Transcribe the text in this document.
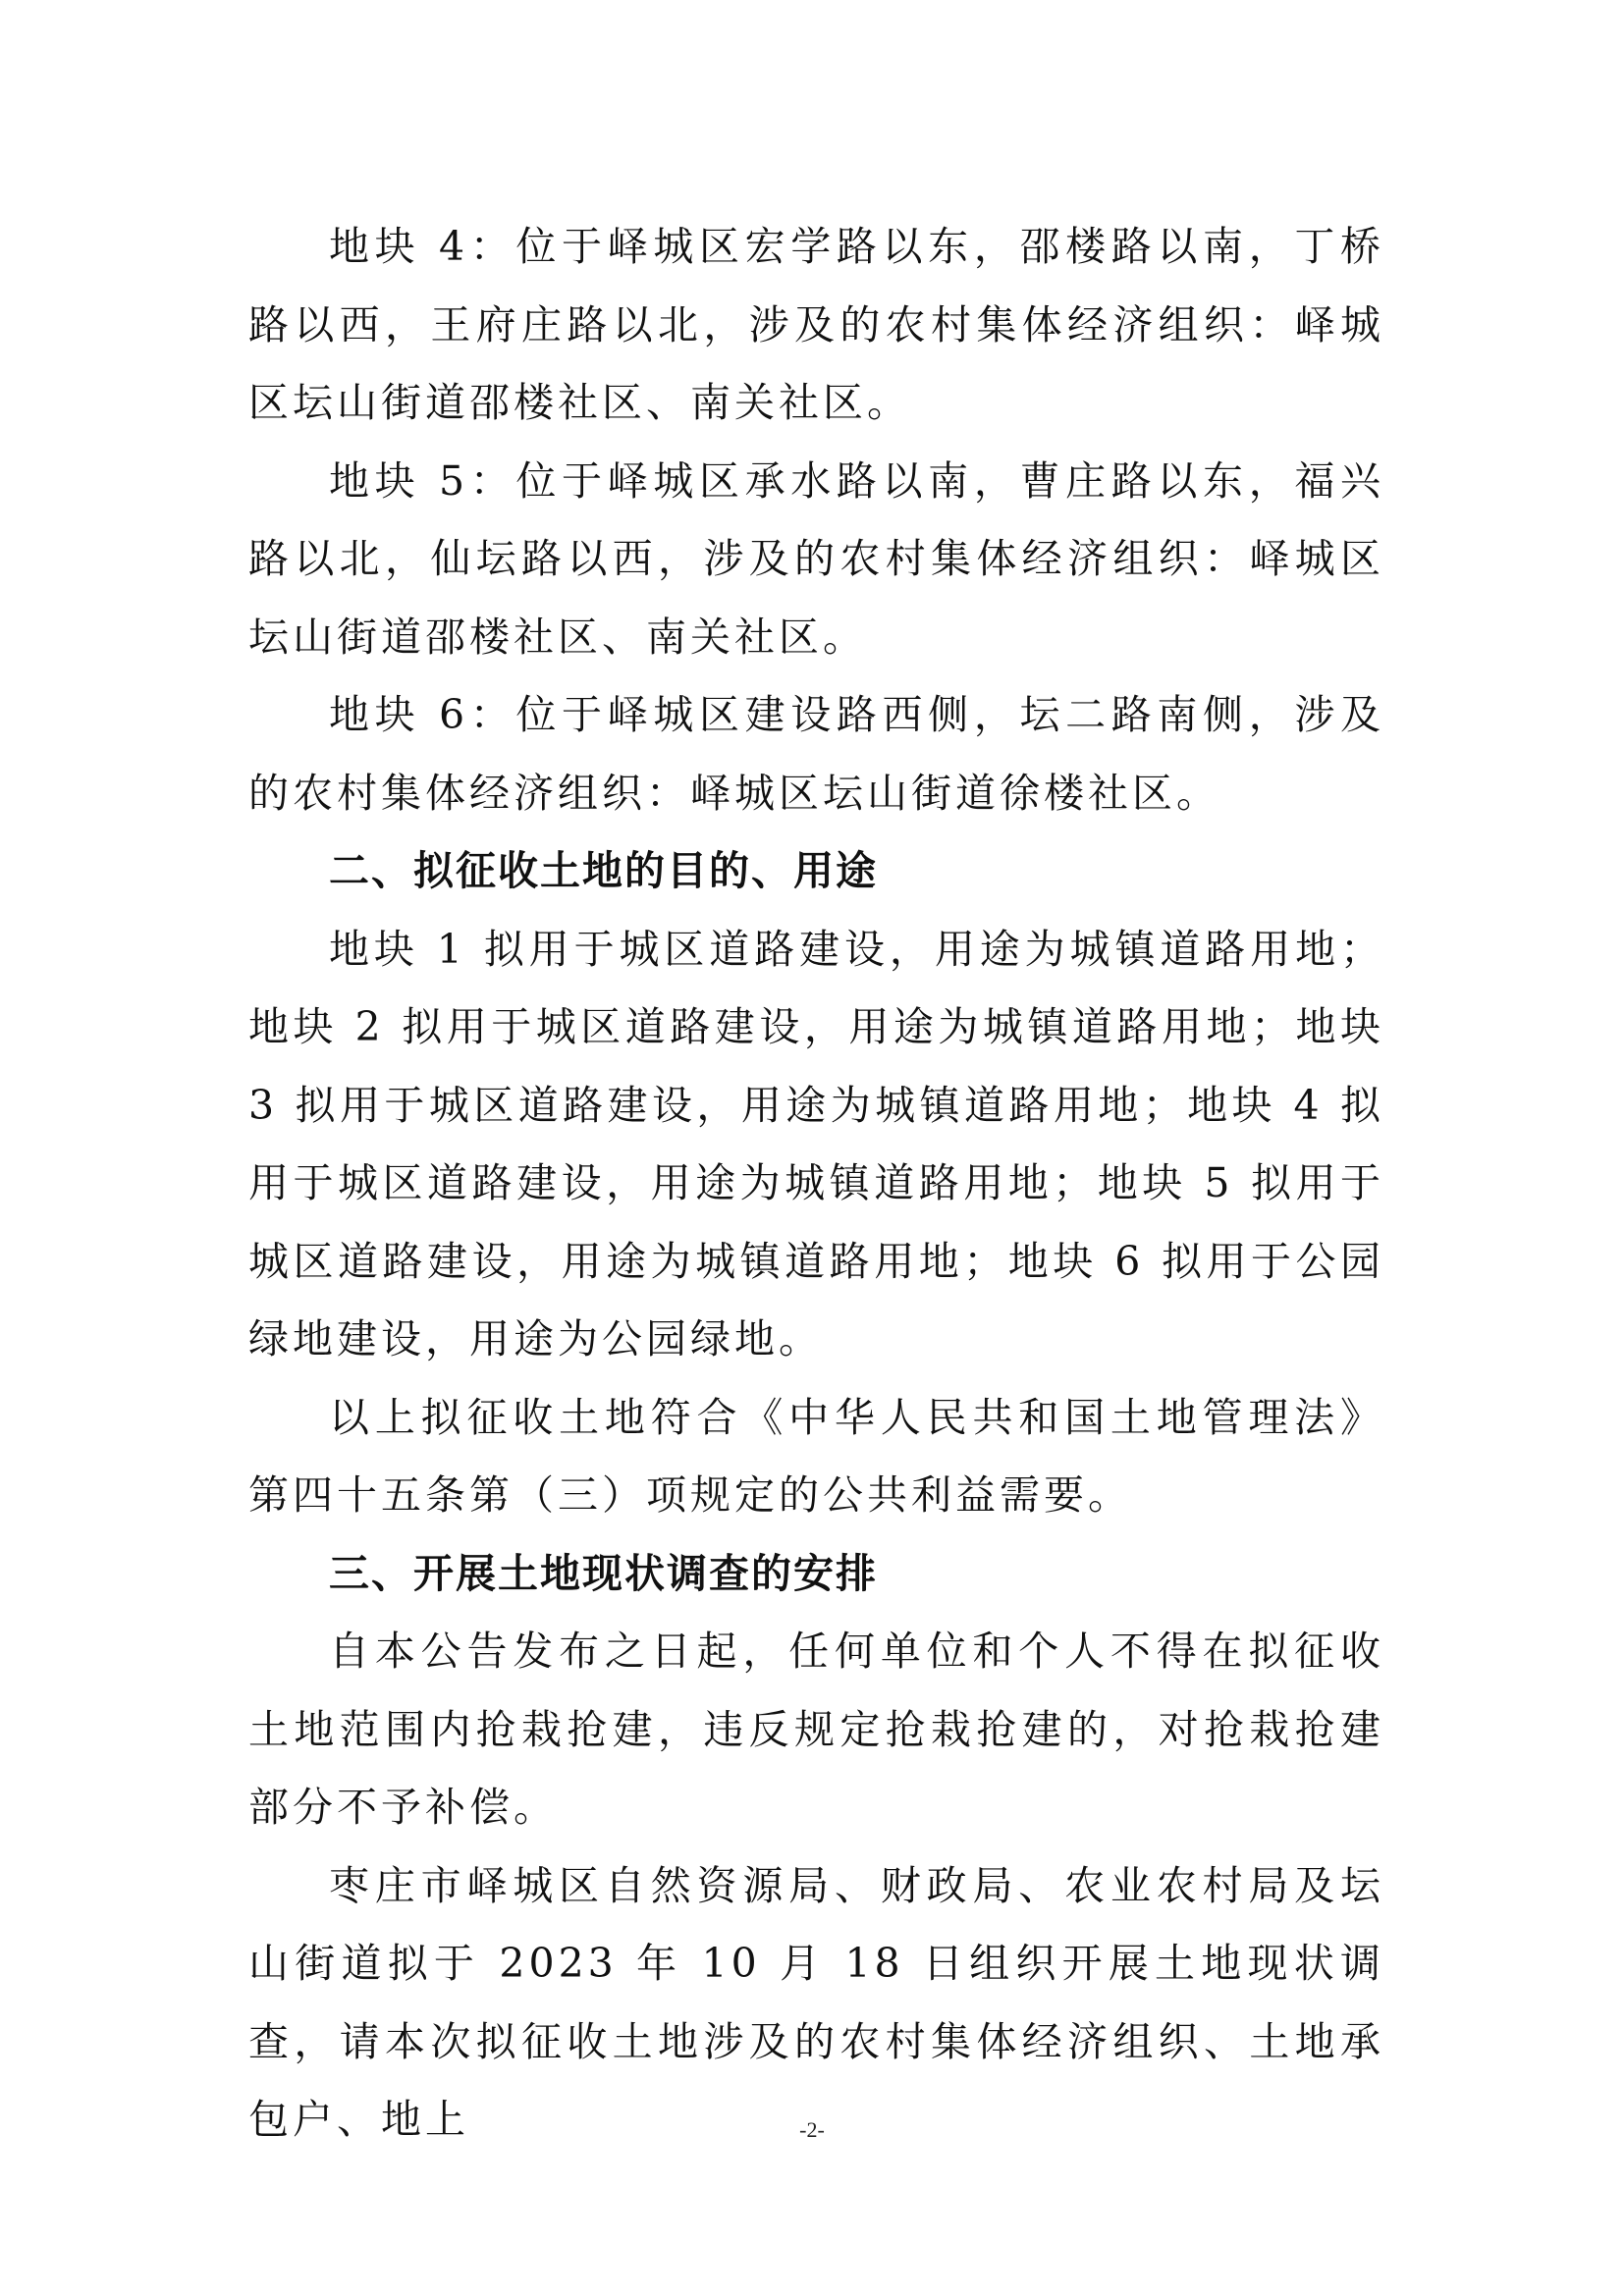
地块 4：位于峄城区宏学路以东，邵楼路以南，丁桥路以西，王府庄路以北，涉及的农村集体经济组织：峄城区坛山街道邵楼社区、南关社区。

地块 5：位于峄城区承水路以南，曹庄路以东，福兴路以北，仙坛路以西，涉及的农村集体经济组织：峄城区坛山街道邵楼社区、南关社区。

地块 6：位于峄城区建设路西侧，坛二路南侧，涉及的农村集体经济组织：峄城区坛山街道徐楼社区。

二、拟征收土地的目的、用途

地块 1 拟用于城区道路建设，用途为城镇道路用地；地块 2 拟用于城区道路建设，用途为城镇道路用地；地块 3 拟用于城区道路建设，用途为城镇道路用地；地块 4 拟用于城区道路建设，用途为城镇道路用地；地块 5 拟用于城区道路建设，用途为城镇道路用地；地块 6 拟用于公园绿地建设，用途为公园绿地。

以上拟征收土地符合《中华人民共和国土地管理法》第四十五条第（三）项规定的公共利益需要。

三、开展土地现状调查的安排

自本公告发布之日起，任何单位和个人不得在拟征收土地范围内抢栽抢建，违反规定抢栽抢建的，对抢栽抢建部分不予补偿。

枣庄市峄城区自然资源局、财政局、农业农村局及坛山街道拟于 2023 年 10 月 18 日组织开展土地现状调查，请本次拟征收土地涉及的农村集体经济组织、土地承包户、地上	-2-
